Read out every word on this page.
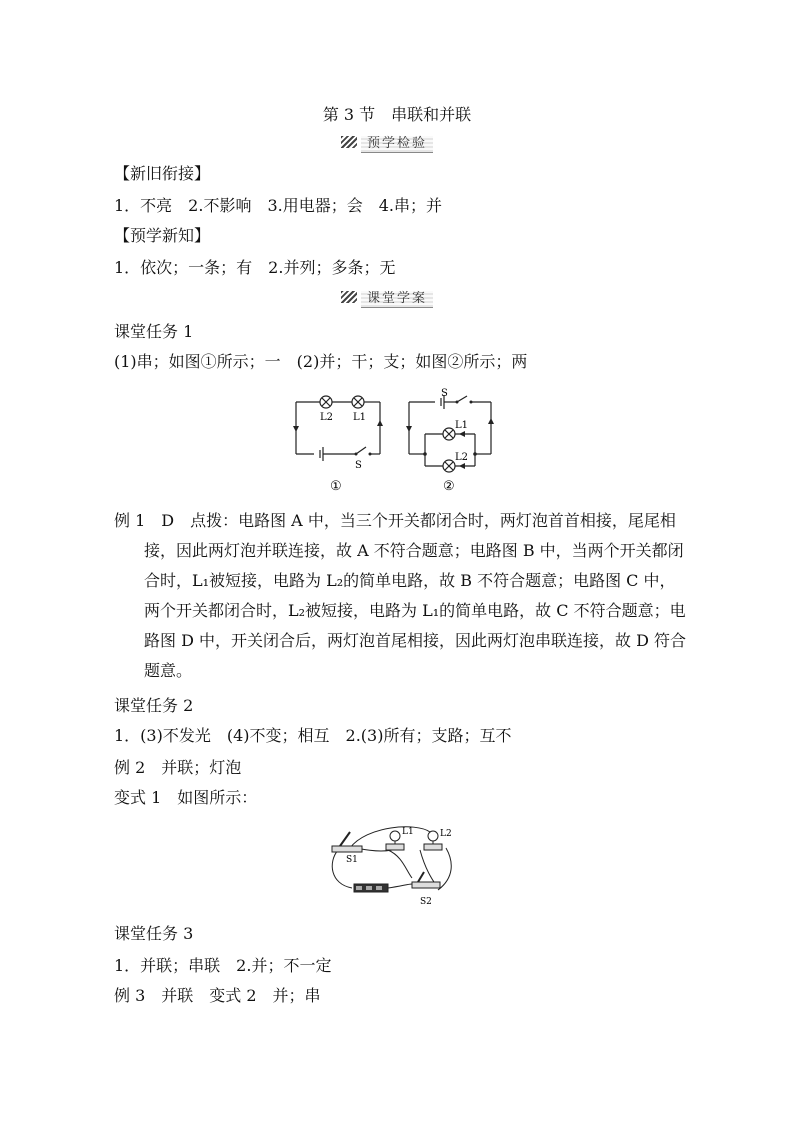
第 3 节　串联和并联
预学检验
【新旧衔接】
1．不亮　2.不影响　3.用电器；会　4.串；并
【预学新知】
1．依次；一条；有　2.并列；多条；无
课堂学案
课堂任务 1
(1)串；如图①所示；一　(2)并；干；支；如图②所示；两
L2 L1
S
①
S
L1
L2
②
例 1　D　点拨：电路图 A 中，当三个开关都闭合时，两灯泡首首相接，尾尾相
接，因此两灯泡并联连接，故 A 不符合题意；电路图 B 中，当两个开关都闭
合时，L₁被短接，电路为 L₂的简单电路，故 B 不符合题意；电路图 C 中，
两个开关都闭合时，L₂被短接，电路为 L₁的简单电路，故 C 不符合题意；电
路图 D 中，开关闭合后，两灯泡首尾相接，因此两灯泡串联连接，故 D 符合
题意。
课堂任务 2
1．(3)不发光　(4)不变；相互　2.(3)所有；支路；互不
例 2　并联；灯泡
变式 1　如图所示：
L1	L2
S1
S2
课堂任务 3
1．并联；串联　2.并；不一定
例 3　并联　变式 2　并；串
